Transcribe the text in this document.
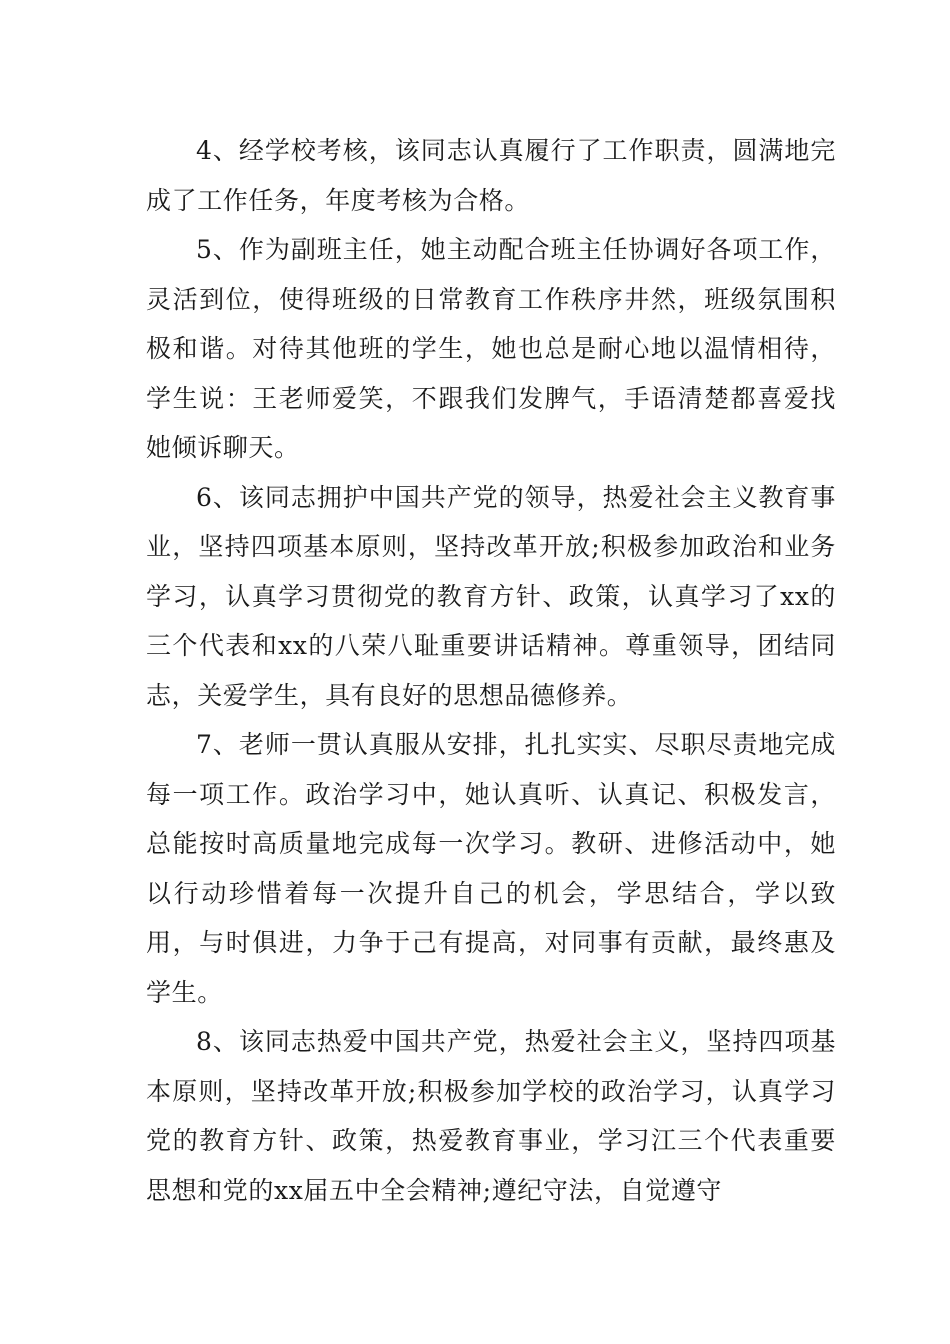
4、经学校考核，该同志认真履行了工作职责，圆满地完成了工作任务，年度考核为合格。

5、作为副班主任，她主动配合班主任协调好各项工作，灵活到位，使得班级的日常教育工作秩序井然，班级氛围积极和谐。对待其他班的学生，她也总是耐心地以温情相待，学生说：王老师爱笑，不跟我们发脾气，手语清楚都喜爱找她倾诉聊天。

6、该同志拥护中国共产党的领导，热爱社会主义教育事业，坚持四项基本原则，坚持改革开放;积极参加政治和业务学习，认真学习贯彻党的教育方针、政策，认真学习了xx的三个代表和xx的八荣八耻重要讲话精神。尊重领导，团结同志，关爱学生，具有良好的思想品德修养。

7、老师一贯认真服从安排，扎扎实实、尽职尽责地完成每一项工作。政治学习中，她认真听、认真记、积极发言，总能按时高质量地完成每一次学习。教研、进修活动中，她以行动珍惜着每一次提升自己的机会，学思结合，学以致用，与时俱进，力争于己有提高，对同事有贡献，最终惠及学生。

8、该同志热爱中国共产党，热爱社会主义，坚持四项基本原则，坚持改革开放;积极参加学校的政治学习，认真学习党的教育方针、政策，热爱教育事业，学习江三个代表重要思想和党的xx届五中全会精神;遵纪守法，自觉遵守
